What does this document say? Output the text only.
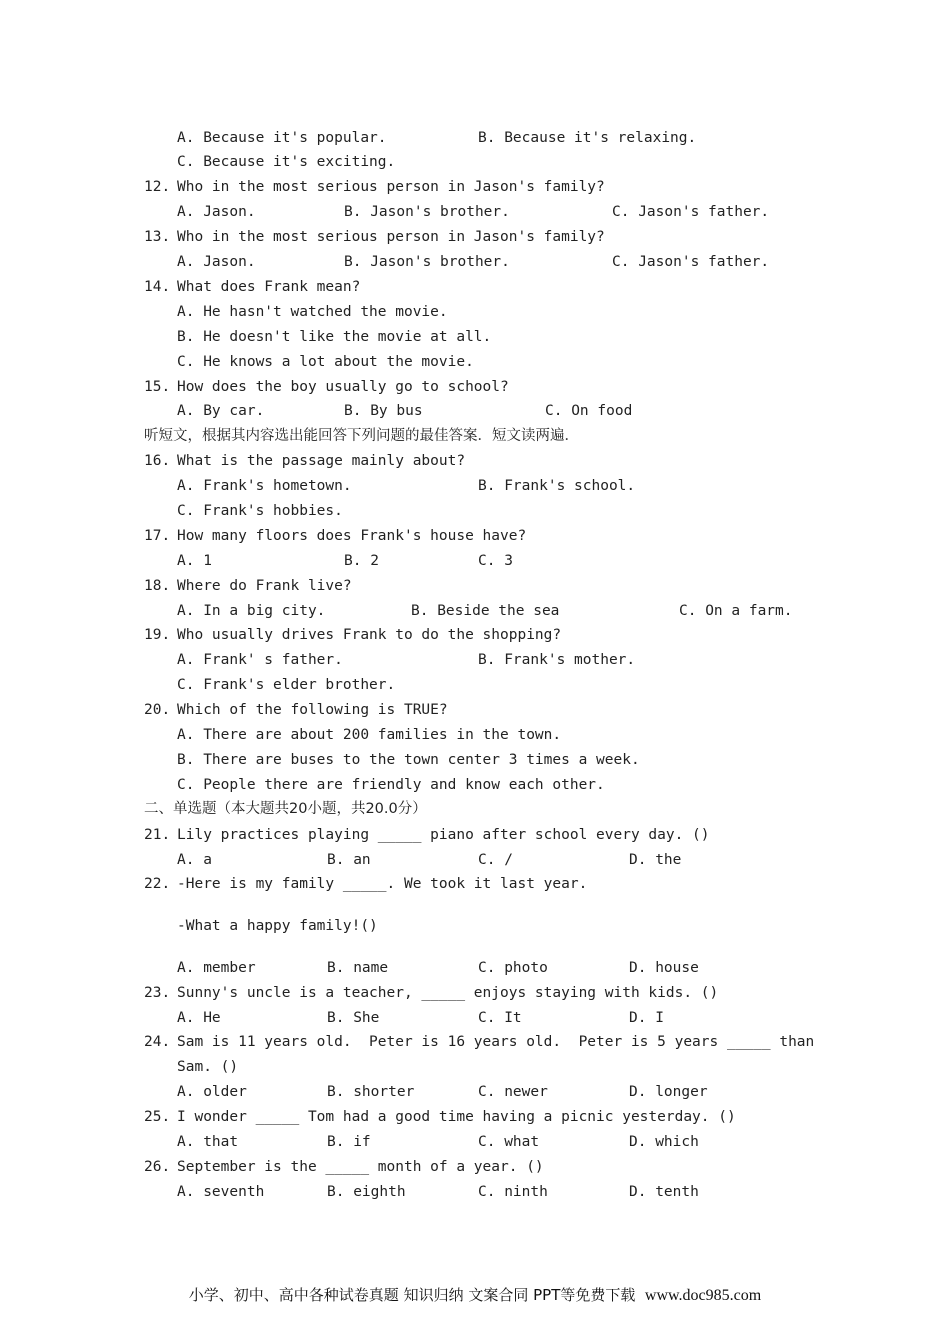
A. Because it's popular.	B. Because it's relaxing.
C. Because it's exciting.
12. Who in the most serious person in Jason's family?
A. Jason.	B. Jason's brother.	C. Jason's father.
13. Who in the most serious person in Jason's family?
A. Jason.	B. Jason's brother.	C. Jason's father.
14. What does Frank mean?
A. He hasn't watched the movie.
B. He doesn't like the movie at all.
C. He knows a lot about the movie.
15. How does the boy usually go to school?
A. By car.	B. By bus	C. On food
听短文，根据其内容选出能回答下列问题的最佳答案．短文读两遍．
16. What is the passage mainly about?
A. Frank's hometown.	B. Frank's school.
C. Frank's hobbies.
17. How many floors does Frank's house have?
A. 1	B. 2	C. 3
18. Where do Frank live?
A. In a big city.	B. Beside the sea	C. On a farm.
19. Who usually drives Frank to do the shopping?
A. Frank' s father.	B. Frank's mother.
C. Frank's elder brother.
20. Which of the following is TRUE?
A. There are about 200 families in the town.
B. There are buses to the town center 3 times a week.
C. People there are friendly and know each other.
二、单选题（本大题共20小题，共20.0分）
21. Lily practices playing _____ piano after school every day. ()
A. a	B. an	C. /	D. the
22. -Here is my family _____. We took it last year.
-What a happy family!()
A. member	B. name	C. photo	D. house
23. Sunny's uncle is a teacher, _____ enjoys staying with kids. ()
A. He	B. She	C. It	D. I
24. Sam is 11 years old.  Peter is 16 years old.  Peter is 5 years _____ than
Sam. ()
A. older	B. shorter	C. newer	D. longer
25. I wonder _____ Tom had a good time having a picnic yesterday. ()
A. that	B. if	C. what	D. which
26. September is the _____ month of a year. ()
A. seventh	B. eighth	C. ninth	D. tenth
小学、初中、高中各种试卷真题 知识归纳 文案合同 PPT等免费下载  www.doc985.com
